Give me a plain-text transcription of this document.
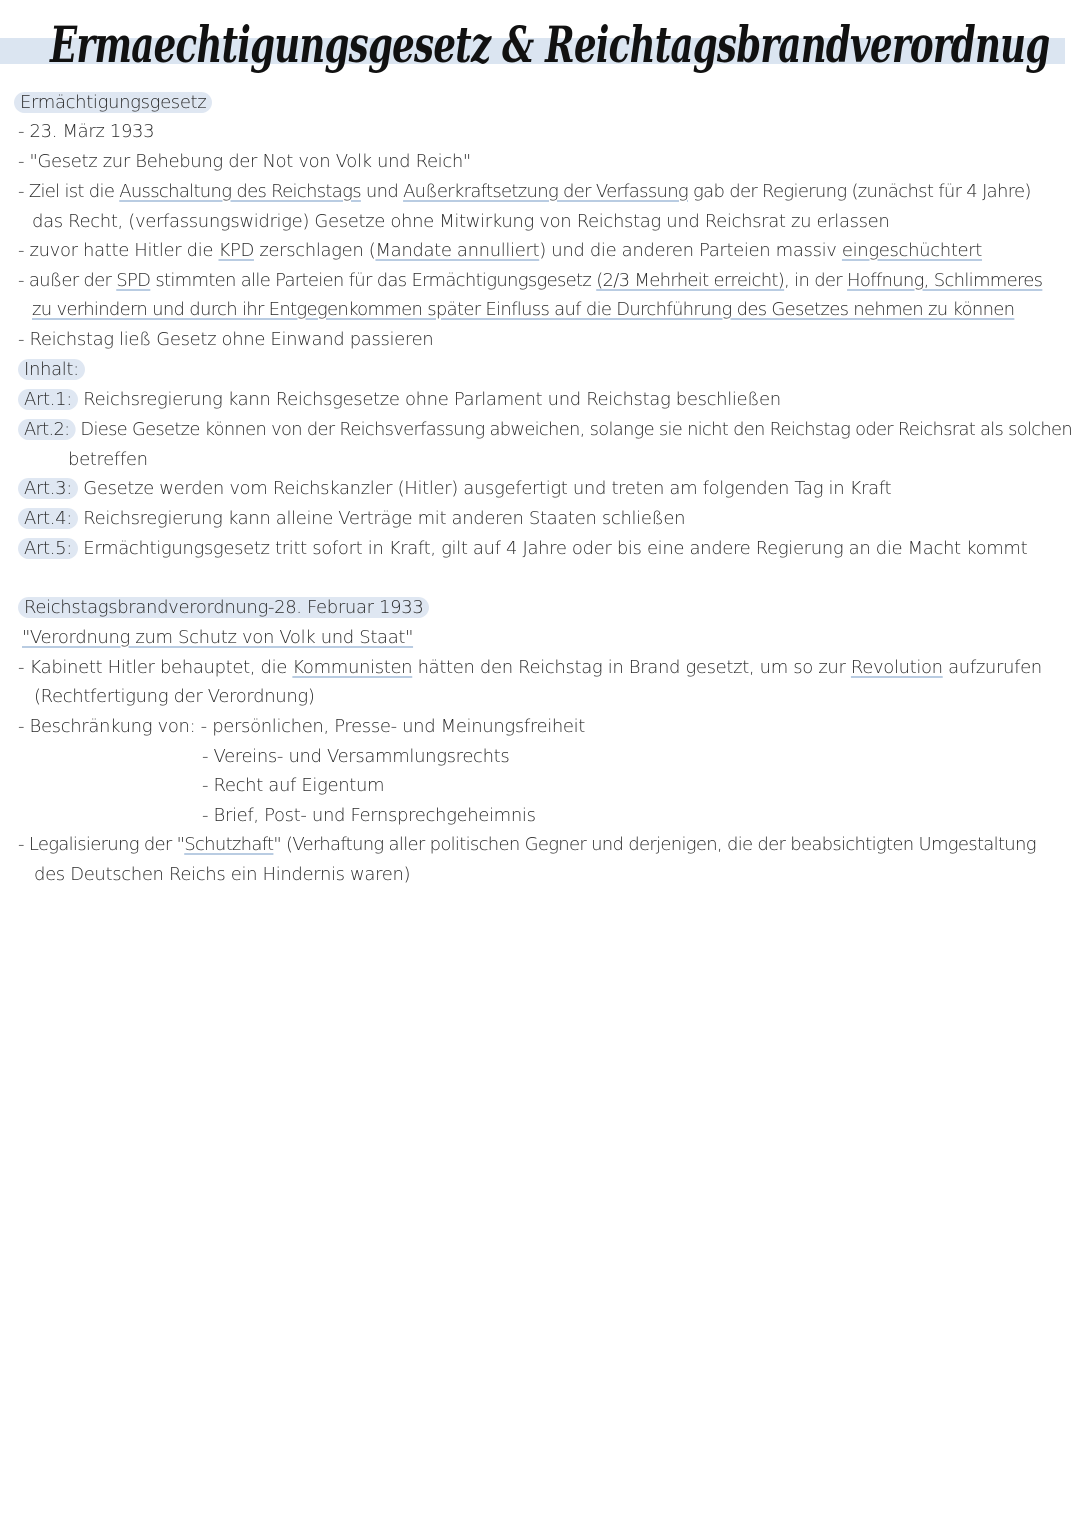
Ermaechtigungsgesetz & Reichtagsbrandverordnug
Ermächtigungsgesetz
- 23. März 1933
- "Gesetz zur Behebung der Not von Volk und Reich"
- Ziel ist die Ausschaltung des Reichstags und Außerkraftsetzung der Verfassung gab der Regierung (zunächst für 4 Jahre)
das Recht, (verfassungswidrige) Gesetze ohne Mitwirkung von Reichstag und Reichsrat zu erlassen
- zuvor hatte Hitler die KPD zerschlagen (Mandate annulliert) und die anderen Parteien massiv eingeschüchtert
- außer der SPD stimmten alle Parteien für das Ermächtigungsgesetz (2/3 Mehrheit erreicht), in der Hoffnung, Schlimmeres
zu verhindern und durch ihr Entgegenkommen später Einfluss auf die Durchführung des Gesetzes nehmen zu können
- Reichstag ließ Gesetz ohne Einwand passieren
Inhalt:
Art.1: Reichsregierung kann Reichsgesetze ohne Parlament und Reichstag beschließen
Art.2: Diese Gesetze können von der Reichsverfassung abweichen, solange sie nicht den Reichstag oder Reichsrat als solchen
betreffen
Art.3: Gesetze werden vom Reichskanzler (Hitler) ausgefertigt und treten am folgenden Tag in Kraft
Art.4: Reichsregierung kann alleine Verträge mit anderen Staaten schließen
Art.5: Ermächtigungsgesetz tritt sofort in Kraft, gilt auf 4 Jahre oder bis eine andere Regierung an die Macht kommt
Reichstagsbrandverordnung-28. Februar 1933
"Verordnung zum Schutz von Volk und Staat"
- Kabinett Hitler behauptet, die Kommunisten hätten den Reichstag in Brand gesetzt, um so zur Revolution aufzurufen
(Rechtfertigung der Verordnung)
- Beschränkung von: - persönlichen, Presse- und Meinungsfreiheit
- Vereins- und Versammlungsrechts
- Recht auf Eigentum
- Brief, Post- und Fernsprechgeheimnis
- Legalisierung der "Schutzhaft" (Verhaftung aller politischen Gegner und derjenigen, die der beabsichtigten Umgestaltung
des Deutschen Reichs ein Hindernis waren)
